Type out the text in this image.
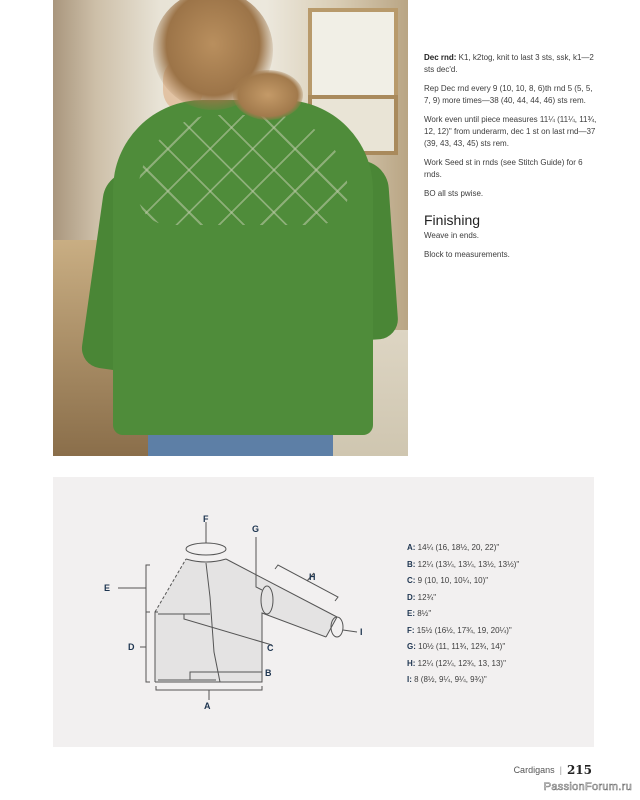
Dec rnd: K1, k2tog, knit to last 3 sts, ssk, k1—2 sts dec'd.

Rep Dec rnd every 9 (10, 10, 8, 6)th rnd 5 (5, 5, 7, 9) more times—38 (40, 44, 44, 46) sts rem.

Work even until piece measures 11¼ (11¼, 11¾, 12, 12)" from underarm, dec 1 st on last rnd—37 (39, 43, 43, 45) sts rem.

Work Seed st in rnds (see Stitch Guide) for 6 rnds.

BO all sts pwise.

Finishing

Weave in ends.

Block to measurements.

F
G
H
I
E
D	C
B
A
A: 14¼ (16, 18½, 20, 22)"
B: 12¼ (13¼, 13¼, 13½, 13½)"
C: 9 (10, 10, 10¼, 10)"
D: 12¾"
E: 8½"
F: 15½ (16½, 17¾, 19, 20¼)"
G: 10½ (11, 11¾, 12¾, 14)"
H: 12¼ (12¼, 12¾, 13, 13)"
I: 8 (8½, 9¼, 9¼, 9¾)"
Cardigans | 215
PassionForum.ru
